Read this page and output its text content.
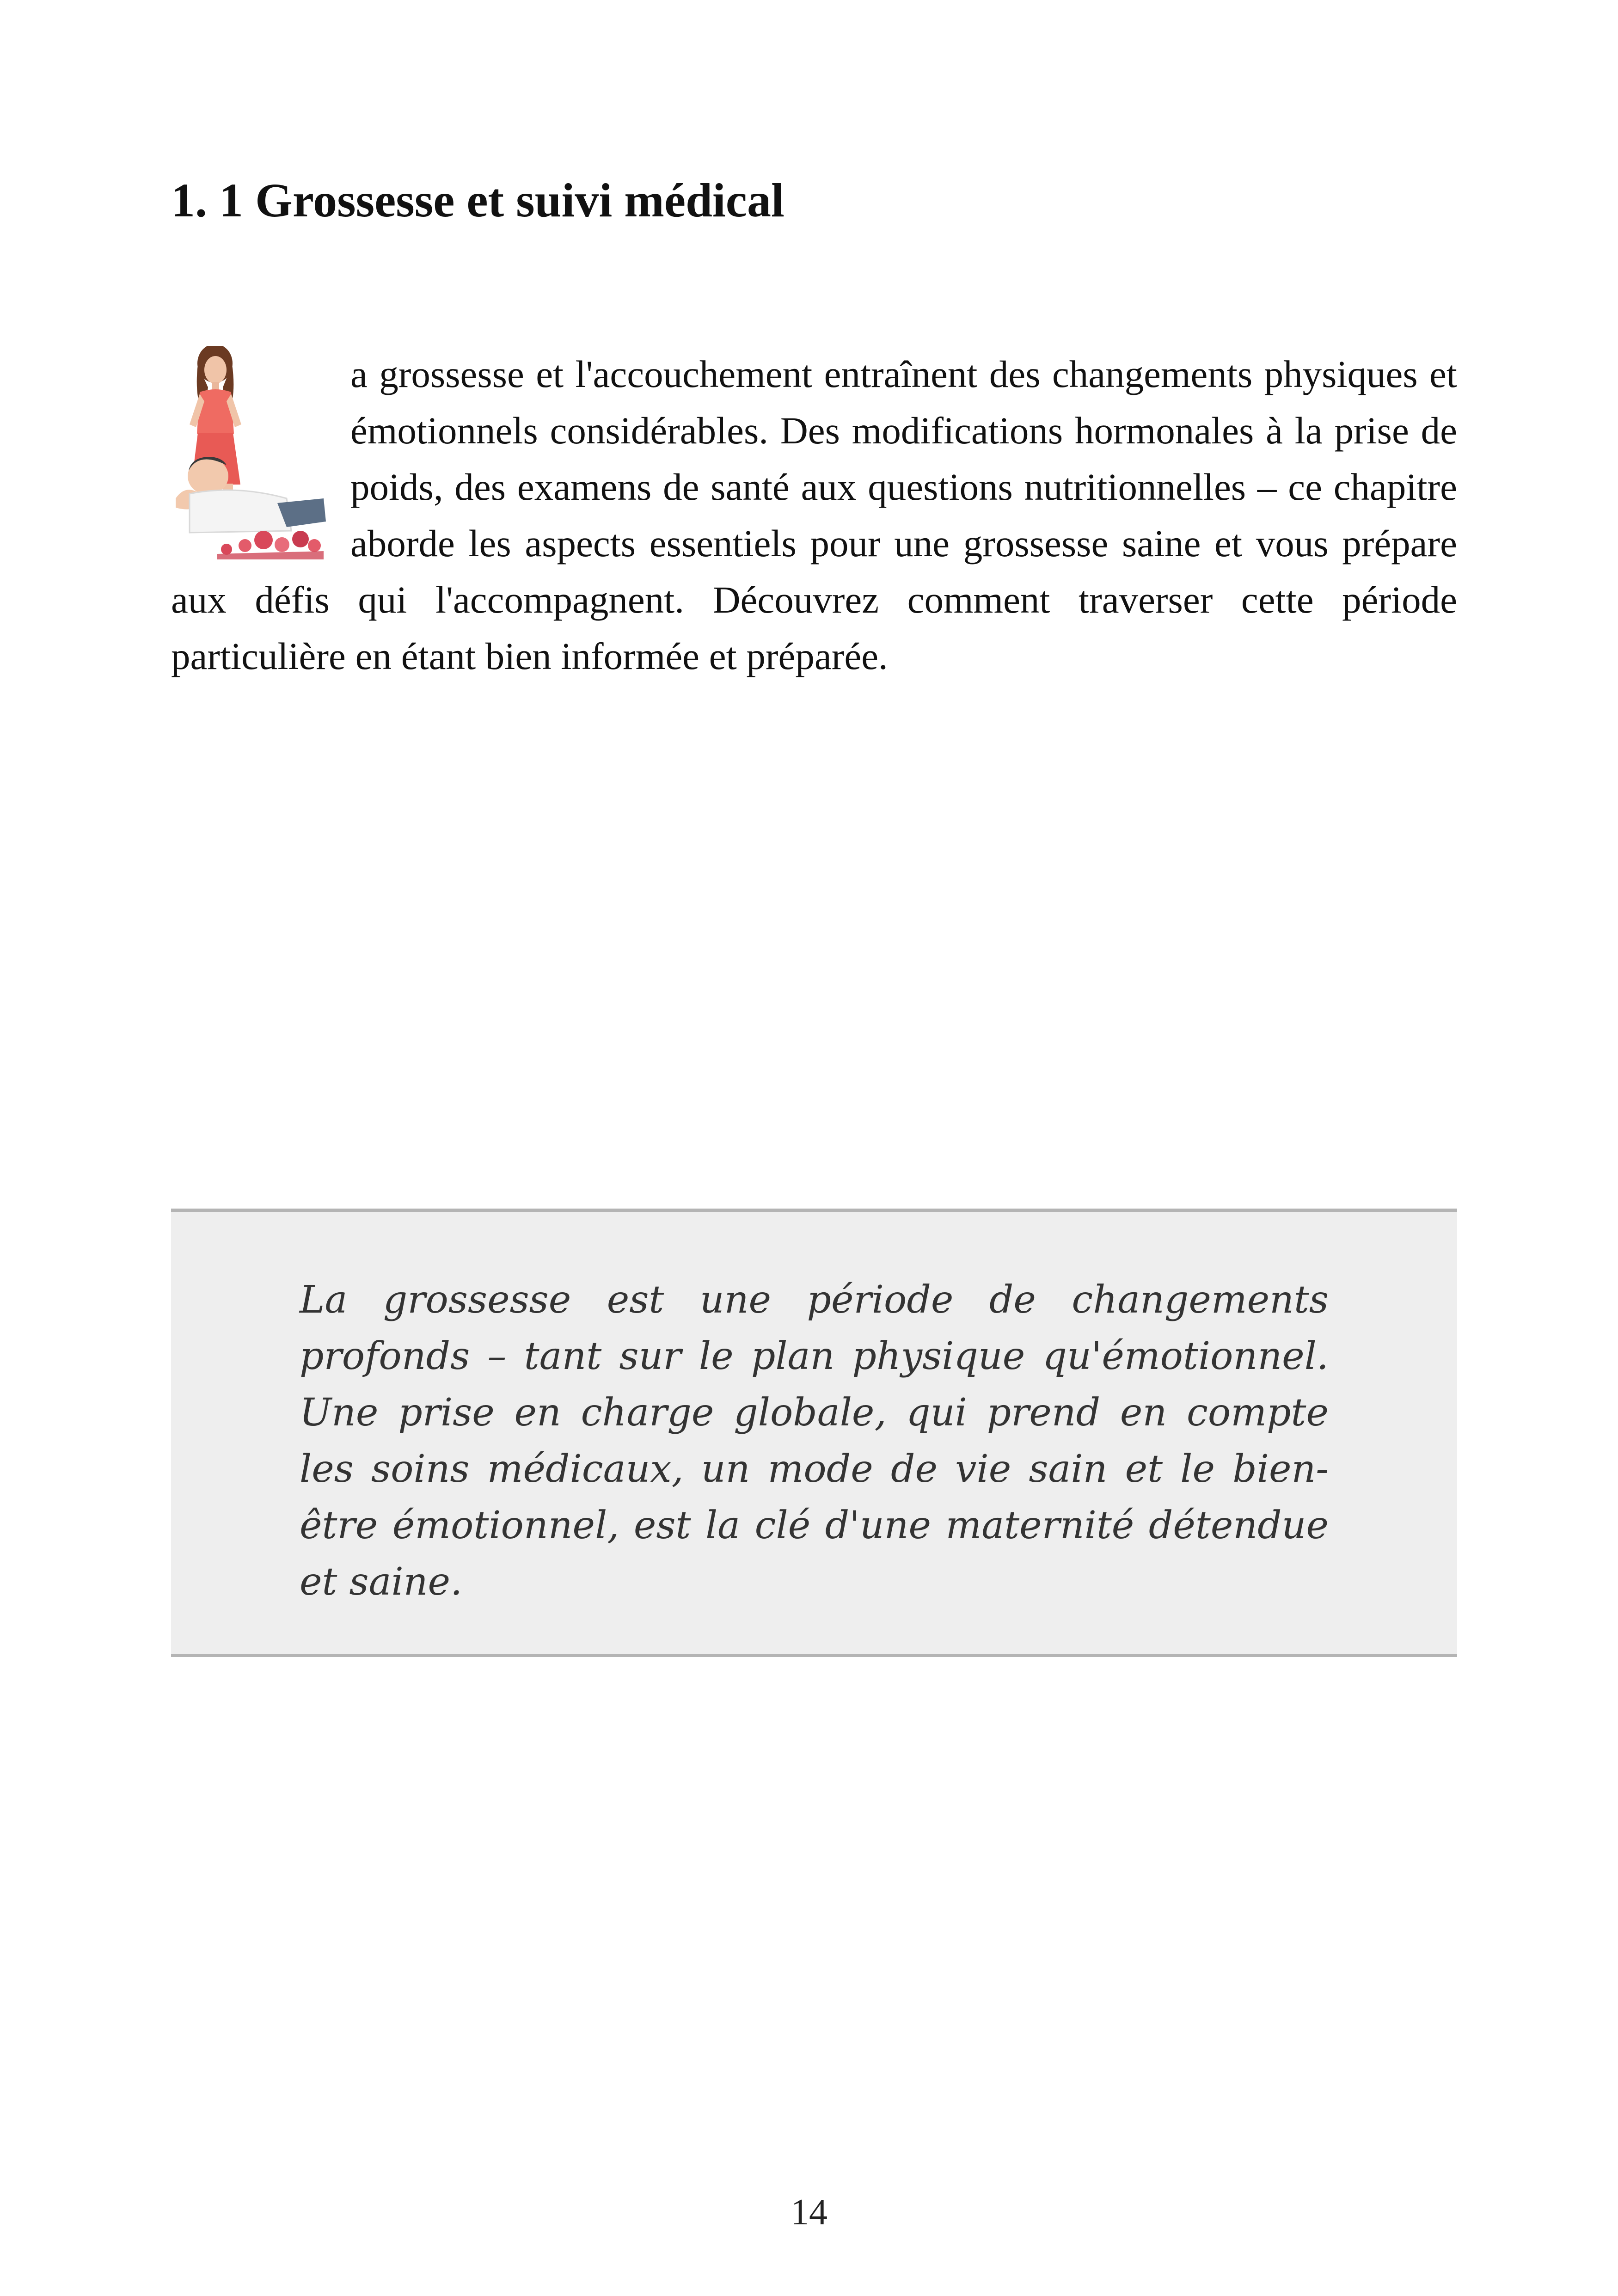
1. 1 Grossesse et suivi médical

a grossesse et l'accouchement entraînent des changements physiques et émotionnels considérables. Des modifications hormonales à la prise de poids, des examens de santé aux questions nutritionnelles – ce chapitre aborde les aspects essentiels pour une grossesse saine et vous prépare aux défis qui l'accompagnent. Découvrez comment traverser cette période particulière en étant bien informée et préparée.

La grossesse est une période de changements profonds – tant sur le plan physique qu'émotionnel. Une prise en charge globale, qui prend en compte les soins médicaux, un mode de vie sain et le bien-être émotionnel, est la clé d'une maternité détendue et saine.

14
